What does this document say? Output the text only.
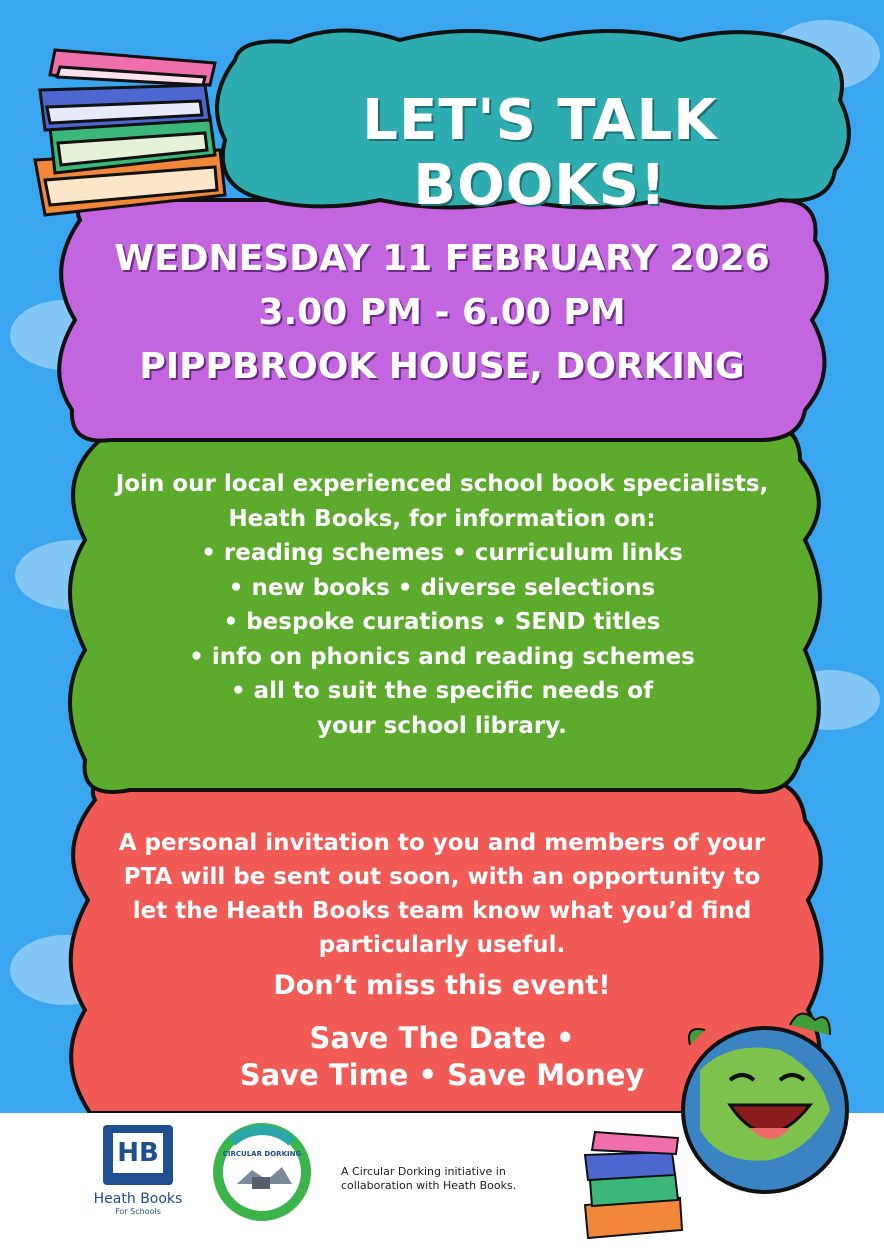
LET'S TALK BOOKS!
WEDNESDAY 11 FEBRUARY 2026
3.00 PM - 6.00 PM
PIPPBROOK HOUSE, DORKING
Join our local experienced school book specialists,
Heath Books, for information on:
• reading schemes • curriculum links
• new books • diverse selections
• bespoke curations • SEND titles
• info on phonics and reading schemes
• all to suit the specific needs of
your school library.
A personal invitation to you and members of your
PTA will be sent out soon, with an opportunity to
let the Heath Books team know what you’d find
particularly useful.
Don’t miss this event!
Save The Date •
Save Time • Save Money
HB
Heath Books
For Schools
CIRCULAR DORKING
A Circular Dorking initiative in
collaboration with Heath Books.
